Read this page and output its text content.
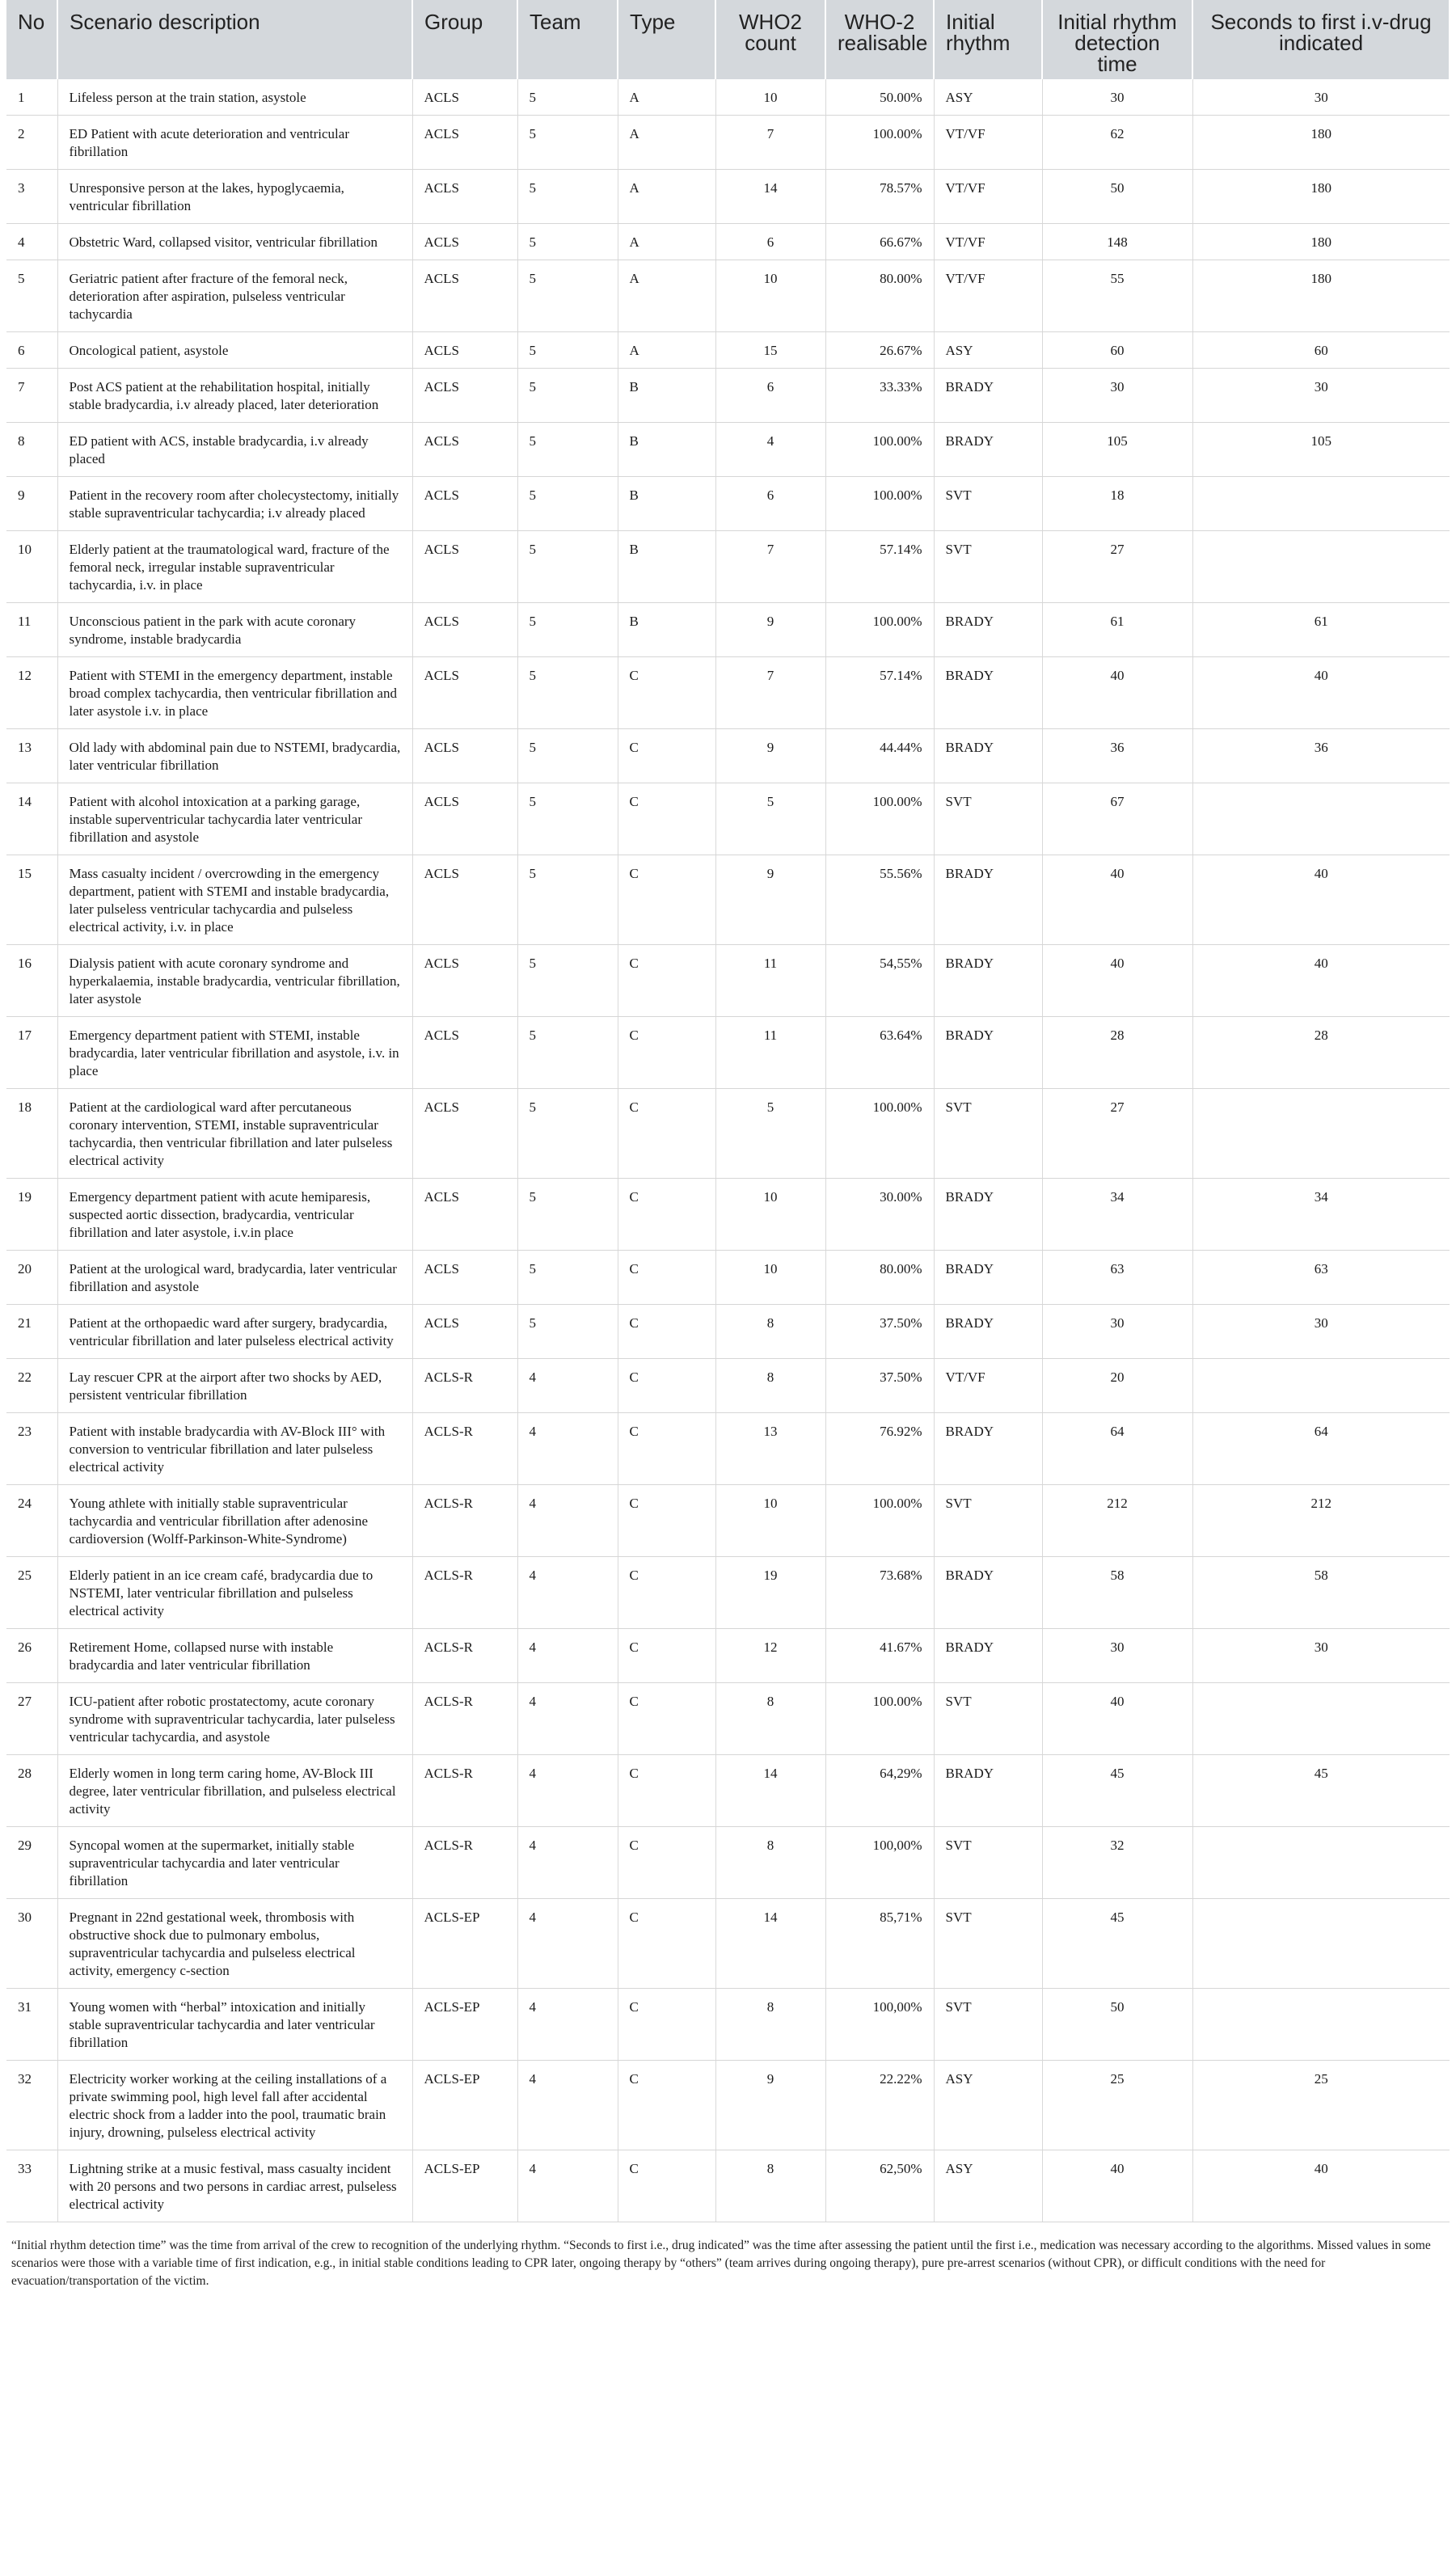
No	Scenario description	Group	Team	Type	WHO2 count	WHO-2 realisable	Initial rhythm	Initial rhythm detection time	Seconds to first i.v-drug indicated
1	Lifeless person at the train station, asystole	ACLS	5	A	10	50.00%	ASY	30	30
2	ED Patient with acute deterioration and ventricular fibrillation	ACLS	5	A	7	100.00%	VT/VF	62	180
3	Unresponsive person at the lakes, hypoglycaemia, ventricular fibrillation	ACLS	5	A	14	78.57%	VT/VF	50	180
4	Obstetric Ward, collapsed visitor, ventricular fibrillation	ACLS	5	A	6	66.67%	VT/VF	148	180
5	Geriatric patient after fracture of the femoral neck, deterioration after aspiration, pulseless ventricular tachycardia	ACLS	5	A	10	80.00%	VT/VF	55	180
6	Oncological patient, asystole	ACLS	5	A	15	26.67%	ASY	60	60
7	Post ACS patient at the rehabilitation hospital, initially stable bradycardia, i.v already placed, later deterioration	ACLS	5	B	6	33.33%	BRADY	30	30
8	ED patient with ACS, instable bradycardia, i.v already placed	ACLS	5	B	4	100.00%	BRADY	105	105
9	Patient in the recovery room after cholecystectomy, initially stable supraventricular tachycardia; i.v already placed	ACLS	5	B	6	100.00%	SVT	18	
10	Elderly patient at the traumatological ward, fracture of the femoral neck, irregular instable supraventricular tachycardia, i.v. in place	ACLS	5	B	7	57.14%	SVT	27	
11	Unconscious patient in the park with acute coronary syndrome, instable bradycardia	ACLS	5	B	9	100.00%	BRADY	61	61
12	Patient with STEMI in the emergency department, instable broad complex tachycardia, then ventricular fibrillation and later asystole i.v. in place	ACLS	5	C	7	57.14%	BRADY	40	40
13	Old lady with abdominal pain due to NSTEMI, bradycardia, later ventricular fibrillation	ACLS	5	C	9	44.44%	BRADY	36	36
14	Patient with alcohol intoxication at a parking garage, instable superventricular tachycardia later ventricular fibrillation and asystole	ACLS	5	C	5	100.00%	SVT	67	
15	Mass casualty incident / overcrowding in the emergency department, patient with STEMI and instable bradycardia, later pulseless ventricular tachycardia and pulseless electrical activity, i.v. in place	ACLS	5	C	9	55.56%	BRADY	40	40
16	Dialysis patient with acute coronary syndrome and hyperkalaemia, instable bradycardia, ventricular fibrillation, later asystole	ACLS	5	C	11	54,55%	BRADY	40	40
17	Emergency department patient with STEMI, instable bradycardia, later ventricular fibrillation and asystole, i.v. in place	ACLS	5	C	11	63.64%	BRADY	28	28
18	Patient at the cardiological ward after percutaneous coronary intervention, STEMI, instable supraventricular tachycardia, then ventricular fibrillation and later pulseless electrical activity	ACLS	5	C	5	100.00%	SVT	27	
19	Emergency department patient with acute hemiparesis, suspected aortic dissection, bradycardia, ventricular fibrillation and later asystole, i.v.in place	ACLS	5	C	10	30.00%	BRADY	34	34
20	Patient at the urological ward, bradycardia, later ventricular fibrillation and asystole	ACLS	5	C	10	80.00%	BRADY	63	63
21	Patient at the orthopaedic ward after surgery, bradycardia, ventricular fibrillation and later pulseless electrical activity	ACLS	5	C	8	37.50%	BRADY	30	30
22	Lay rescuer CPR at the airport after two shocks by AED, persistent ventricular fibrillation	ACLS-R	4	C	8	37.50%	VT/VF	20	
23	Patient with instable bradycardia with AV-Block III° with conversion to ventricular fibrillation and later pulseless electrical activity	ACLS-R	4	C	13	76.92%	BRADY	64	64
24	Young athlete with initially stable supraventricular tachycardia and ventricular fibrillation after adenosine cardioversion (Wolff-Parkinson-White-Syndrome)	ACLS-R	4	C	10	100.00%	SVT	212	212
25	Elderly patient in an ice cream café, bradycardia due to NSTEMI, later ventricular fibrillation and pulseless electrical activity	ACLS-R	4	C	19	73.68%	BRADY	58	58
26	Retirement Home, collapsed nurse with instable bradycardia and later ventricular fibrillation	ACLS-R	4	C	12	41.67%	BRADY	30	30
27	ICU-patient after robotic prostatectomy, acute coronary syndrome with supraventricular tachycardia, later pulseless ventricular tachycardia, and asystole	ACLS-R	4	C	8	100.00%	SVT	40	
28	Elderly women in long term caring home, AV-Block III degree, later ventricular fibrillation, and pulseless electrical activity	ACLS-R	4	C	14	64,29%	BRADY	45	45
29	Syncopal women at the supermarket, initially stable supraventricular tachycardia and later ventricular fibrillation	ACLS-R	4	C	8	100,00%	SVT	32	
30	Pregnant in 22nd gestational week, thrombosis with obstructive shock due to pulmonary embolus, supraventricular tachycardia and pulseless electrical activity, emergency c-section	ACLS-EP	4	C	14	85,71%	SVT	45	
31	Young women with “herbal” intoxication and initially stable supraventricular tachycardia and later ventricular fibrillation	ACLS-EP	4	C	8	100,00%	SVT	50	
32	Electricity worker working at the ceiling installations of a private swimming pool, high level fall after accidental electric shock from a ladder into the pool, traumatic brain injury, drowning, pulseless electrical activity	ACLS-EP	4	C	9	22.22%	ASY	25	25
33	Lightning strike at a music festival, mass casualty incident with 20 persons and two persons in cardiac arrest, pulseless electrical activity	ACLS-EP	4	C	8	62,50%	ASY	40	40
“Initial rhythm detection time” was the time from arrival of the crew to recognition of the underlying rhythm. “Seconds to first i.e., drug indicated” was the time after assessing the patient until the first i.e., medication was necessary according to the algorithms. Missed values in some scenarios were those with a variable time of first indication, e.g., in initial stable conditions leading to CPR later, ongoing therapy by “others” (team arrives during ongoing therapy), pure pre-arrest scenarios (without CPR), or difficult conditions with the need for evacuation/transportation of the victim.
